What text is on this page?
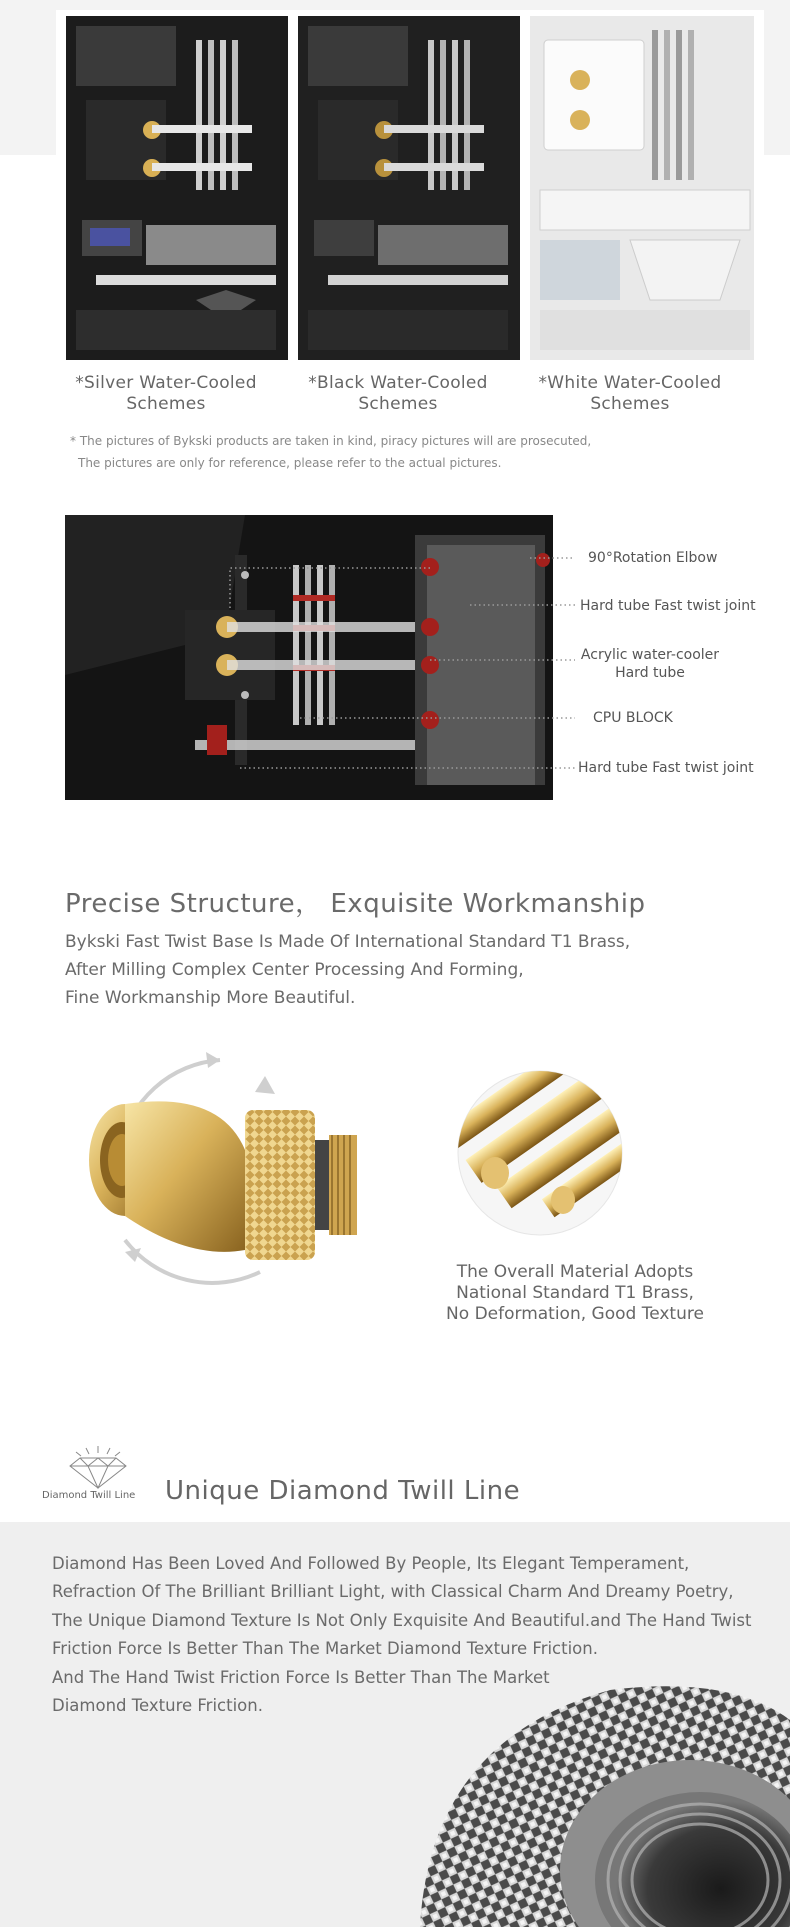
*Silver Water-Cooled
Schemes
*Black Water-Cooled
Schemes
*White Water-Cooled
Schemes
* The pictures of Bykski products are taken in kind, piracy pictures will are prosecuted,
The pictures are only for reference, please refer to the actual pictures.
90°Rotation Elbow
Hard tube Fast twist joint
Acrylic water-cooler
Hard tube
CPU BLOCK
Hard tube Fast twist joint
Precise Structure， Exquisite Workmanship
Bykski Fast Twist Base Is Made Of International Standard T1 Brass,
After Milling Complex Center Processing And Forming,
Fine Workmanship More Beautiful.
The Overall Material Adopts
National Standard T1 Brass,
No Deformation, Good Texture
Diamond Twill Line Unique Diamond Twill Line
Diamond Has Been Loved And Followed By People, Its Elegant Temperament,
Refraction Of The Brilliant Brilliant Light, with Classical Charm And Dreamy Poetry,
The Unique Diamond Texture Is Not Only Exquisite And Beautiful.and The Hand Twist
Friction Force Is Better Than The Market Diamond Texture Friction.
And The Hand Twist Friction Force Is Better Than The Market
Diamond Texture Friction.
